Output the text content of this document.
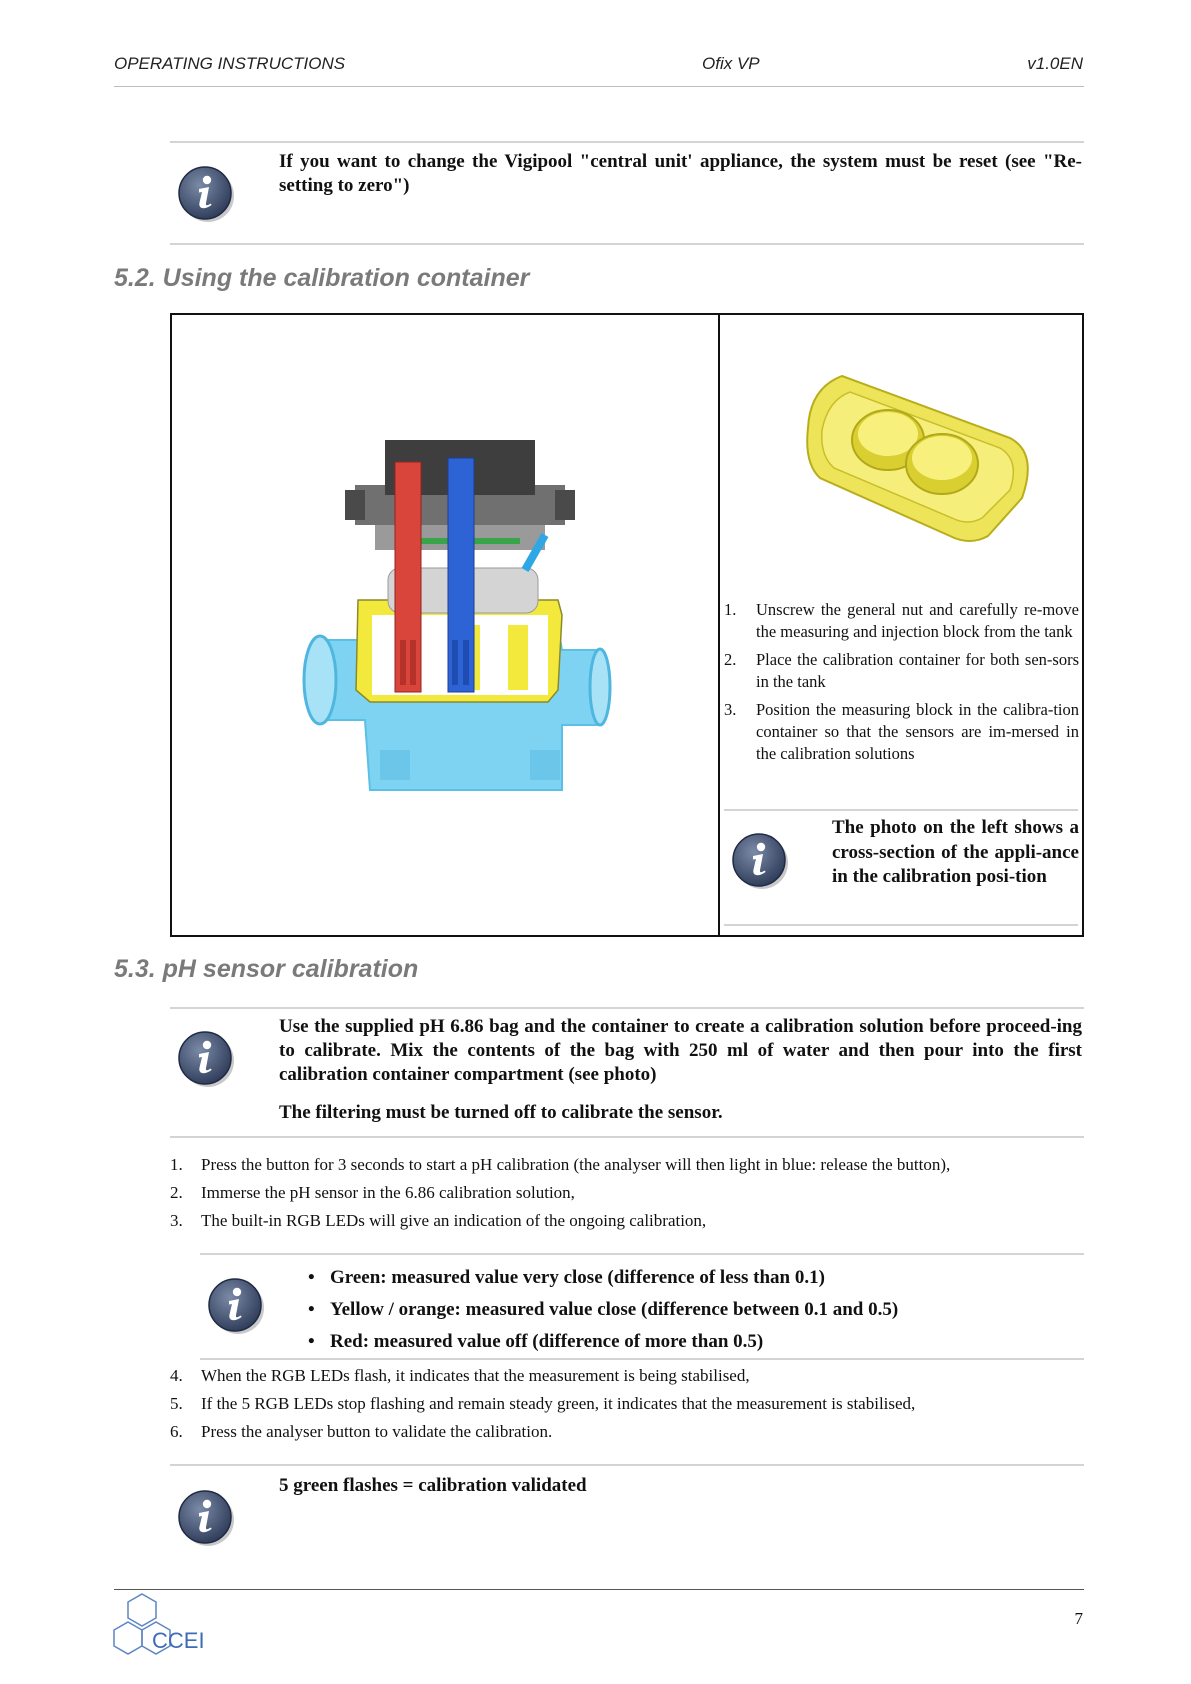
OPERATING INSTRUCTIONS	Ofix VP	v1.0EN
If you want to change the Vigipool "central unit' appliance, the system must be reset (see "Re-setting to zero")
5.2. Using the calibration container
1.	Unscrew the general nut and carefully re-move the measuring and injection block from the tank
2.	Place the calibration container for both sen-sors in the tank
3.	Position the measuring block in the calibra-tion container so that the sensors are im-mersed in the calibration solutions
The photo on the left shows a cross-section of the appli-ance in the calibration posi-tion
5.3. pH sensor calibration
Use the supplied pH 6.86 bag and the container to create a calibration solution before proceed-ing to calibrate. Mix the contents of the bag with 250 ml of water and then pour into the first calibration container compartment (see photo)
The filtering must be turned off to calibrate the sensor.
1.	Press the button for 3 seconds to start a pH calibration (the analyser will then light in blue: release the button),
2.	Immerse the pH sensor in the 6.86 calibration solution,
3.	The built-in RGB LEDs will give an indication of the ongoing calibration,
• Green: measured value very close (difference of less than 0.1)
• Yellow / orange: measured value close (difference between 0.1 and 0.5)
• Red: measured value off (difference of more than 0.5)
4.	When the RGB LEDs flash, it indicates that the measurement is being stabilised,
5.	If the 5 RGB LEDs stop flashing and remain steady green, it indicates that the measurement is stabilised,
6.	Press the analyser button to validate the calibration.
5 green flashes = calibration validated
CCEI
7
